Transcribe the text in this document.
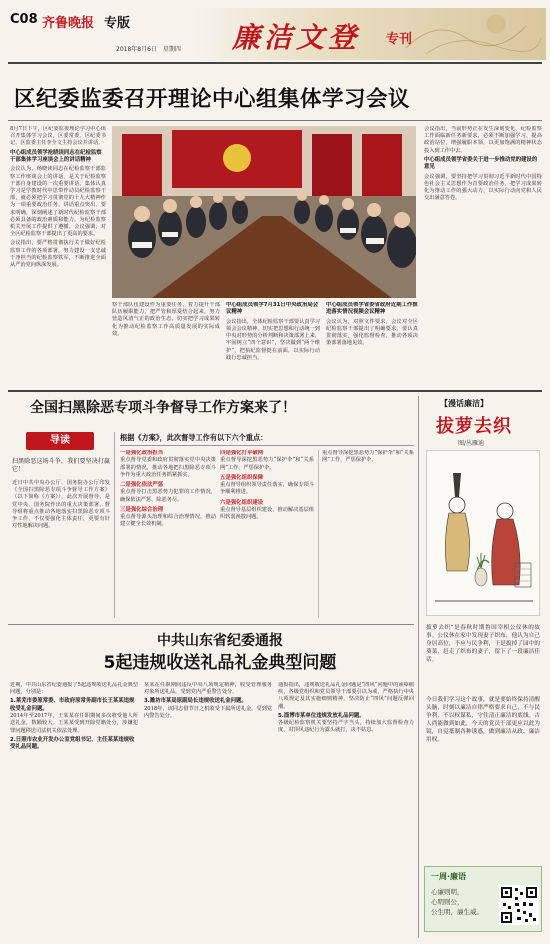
C08 齐鲁晚报 专版
2018年8月6日　星期四 廉洁文登 专刊
区纪委监委召开理论中心组集体学习会议
8月7日下午，区纪委监委理论学习中心组召开集体学习会议，区委常委、区纪委书记、区监委主任李全文主持会议并讲话。
中心组成员领学抢晓读同志在纪检监察干部集体学习座谈会上的讲话精神
会议认为，杨晓读同志在纪检监察干部监察工作座谈会上的讲话，是关于纪检监察干部自身建设的一次重要讲话，集体认真学习是学教时代中思带作动员纪检监察干部，就必须把学习贯彻党的十九大精神作为一项重要政治任务，讲话重点突出、要求明确，深刻阐述了新时代纪检监察干部必须具备的政治素质和能力，为纪检监察机关开展工作提供了遵循。会议强调，对全区纪检监察干部提出了更高的要求。
会议指出，要严格贯彻执行关于做好纪检监察工作的各项部署，努力建设一支忠诚干净担当的纪检监察铁军，不断推进全面从严治党向纵深发展。
察干部队伍建设作为重要任务，着力提升干部队伍履职能力，把严管和厚爱结合起来，努力营造风清气正的政治生态，切实把学习成果转化为推动纪检监察工作高质量发展的实际成效。
中心组成员领学7月31日中央政治局会议精神
会议指出，全体纪检监察干部要认真学习领会会议精神，切实把思想和行动统一到中央对形势的分析判断和决策部署上来，牢固树立“四个意识”，坚决做到“两个维护”，把执纪监督挺在前面，以实际行动践行忠诚担当。
中心组成员领学省委省政府近期工作推进落实情况视频会议精神
会议认为，对照文件要求，会议对全区纪检监察干部提出了明确要求，要认真贯彻落实，强化监督检查，推动各项决策部署落地见效。
会议指出，当前形势正在发生深刻变化，纪检监察工作面临新任务新要求，必须不断加强学习，提高政治站位，增强履职本领，以更加饱满的精神状态投入到工作中去。
中心组成员领学省委关于进一步推动党的建设的意见
会议强调，要坚持把学习贯彻习近平新时代中国特色社会主义思想作为首要政治任务，把学习成果转化为推动工作的强大动力，以实际行动向党和人民交出满意答卷。
全国扫黑除恶专项斗争督导工作方案来了！
导读
扫黑除恶这场斗争，我们要坚决打赢它！
近日中共中央办公厅、国务院办公厅印发《全国扫黑除恶专项斗争督导工作方案》（以下简称《方案》），此次开展督导，是党中央、国务院作出的重大决策部署，督导组将重点推动各地落实扫黑除恶专项斗争工作，不仅要强化主体责任，更要有针对性地解决问题。
根据《方案》，此次督导工作有以下六个重点：
一是强化政治担当
重点督导党委和政府贯彻落实党中央决策部署的情况，推动各地把扫黑除恶专项斗争作为重大政治任务抓紧抓实。
二是强化依法严惩
重点督导打击黑恶势力犯罪的工作情况，确保依法严惩、除恶务尽。
三是强化综合治理
重点督导源头治理和综合治理情况，推动建立健全长效机制。
四是强化打伞破网
重点督导深挖黑恶势力“保护伞”和“关系网”工作，严惩保护伞。
五是强化组织保障
重点督导组织领导责任落实，确保专项斗争顺利推进。
六是强化组织建设
重点督导基层组织建设，推动解决基层组织软弱涣散问题。
重点督导深挖黑恶势力“保护伞”和“关系网”工作，严惩保护伞。
中共山东省纪委通报
5起违规收送礼品礼金典型问题
近期，中共山东省纪委通报了5起违规收送礼品礼金典型问题，分别是：
1.莱芜市委原常委、市政府原常务副市长王某某违规收受礼金问题。
2014年至2017年，王某某在任职期间多次收受他人所送礼金，数额较大。王某某受到开除党籍处分，涉嫌犯罪问题移送司法机关依法处理。
2.日照市农业开发办公室党组书记、主任某某违规收受礼品问题。
某某在任职期间违反中央八项规定精神，收受管理服务对象所送礼品，受到党内严重警告处分。
3.潍坊市某局原副局长违规收送礼金问题。
2018年，该同志借节日之机收受下属所送礼金，受到党内警告处分。
通报指出，违规收送礼品礼金问题是“四风”问题中的顽瘴痼疾，各级党组织和党员领导干部要引以为戒，严格执行中央八项规定及其实施细则精神，坚决防止“四风”问题反弹回潮。
5.淄博市某单位违规发放礼品问题。
各级纪检监察机关要坚持严字当头，持续加大监督检查力度，对顶风违纪行为露头就打，决不姑息。
【漫话廉洁】
拔萝去织
图/丛雁迪
拔萝去织”是春秋时期鲁国宰相公仪休的故事。公仪休在家中发现妻子织布，他认为自己身居高位，不应与民争利，于是拔掉了园中的葵菜，赶走了织布的妻子，留下了一段廉洁佳话。
今日我们学习这个故事，就是要始终保持清醒头脑，时刻以廉洁自律严格要求自己，不与民争利，不以权谋私，守住清正廉洁的底线。古人尚能做到如此，今天的党员干部更应以此为镜，自觉抵制各种诱惑，做到廉洁从政、廉洁用权。
一周·廉语
心廉则明，
心明则公，
公生明，廉生威。
